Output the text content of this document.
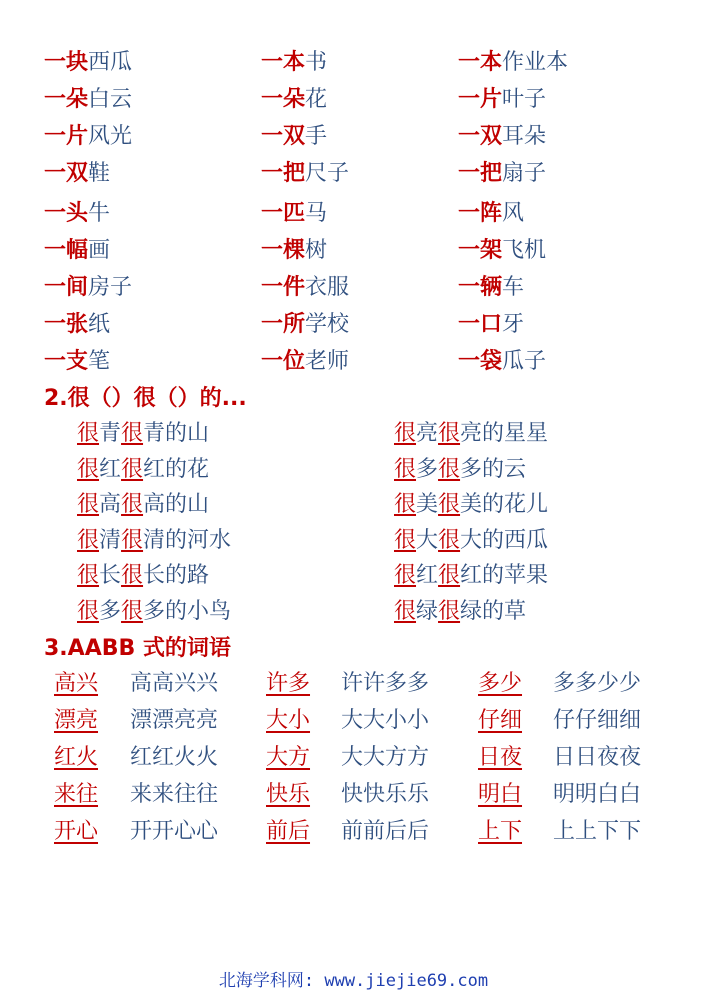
一块西瓜	一本书	一本作业本
一朵白云	一朵花	一片叶子
一片风光	一双手	一双耳朵
一双鞋	一把尺子	一把扇子
一头牛	一匹马	一阵风
一幅画	一棵树	一架飞机
一间房子	一件衣服	一辆车
一张纸	一所学校	一口牙
一支笔	一位老师	一袋瓜子
2.很（）很（）的...
很青很青的山	很亮很亮的星星
很红很红的花	很多很多的云
很高很高的山	很美很美的花儿
很清很清的河水	很大很大的西瓜
很长很长的路	很红很红的苹果
很多很多的小鸟	很绿很绿的草
3.AABB 式的词语
高兴 高高兴兴 许多 许许多多 多少 多多少少
漂亮 漂漂亮亮 大小 大大小小 仔细 仔仔细细
红火 红红火火 大方 大大方方 日夜 日日夜夜
来往 来来往往 快乐 快快乐乐 明白 明明白白
开心 开开心心 前后 前前后后 上下 上上下下
北海学科网: www.jiejie69.com
